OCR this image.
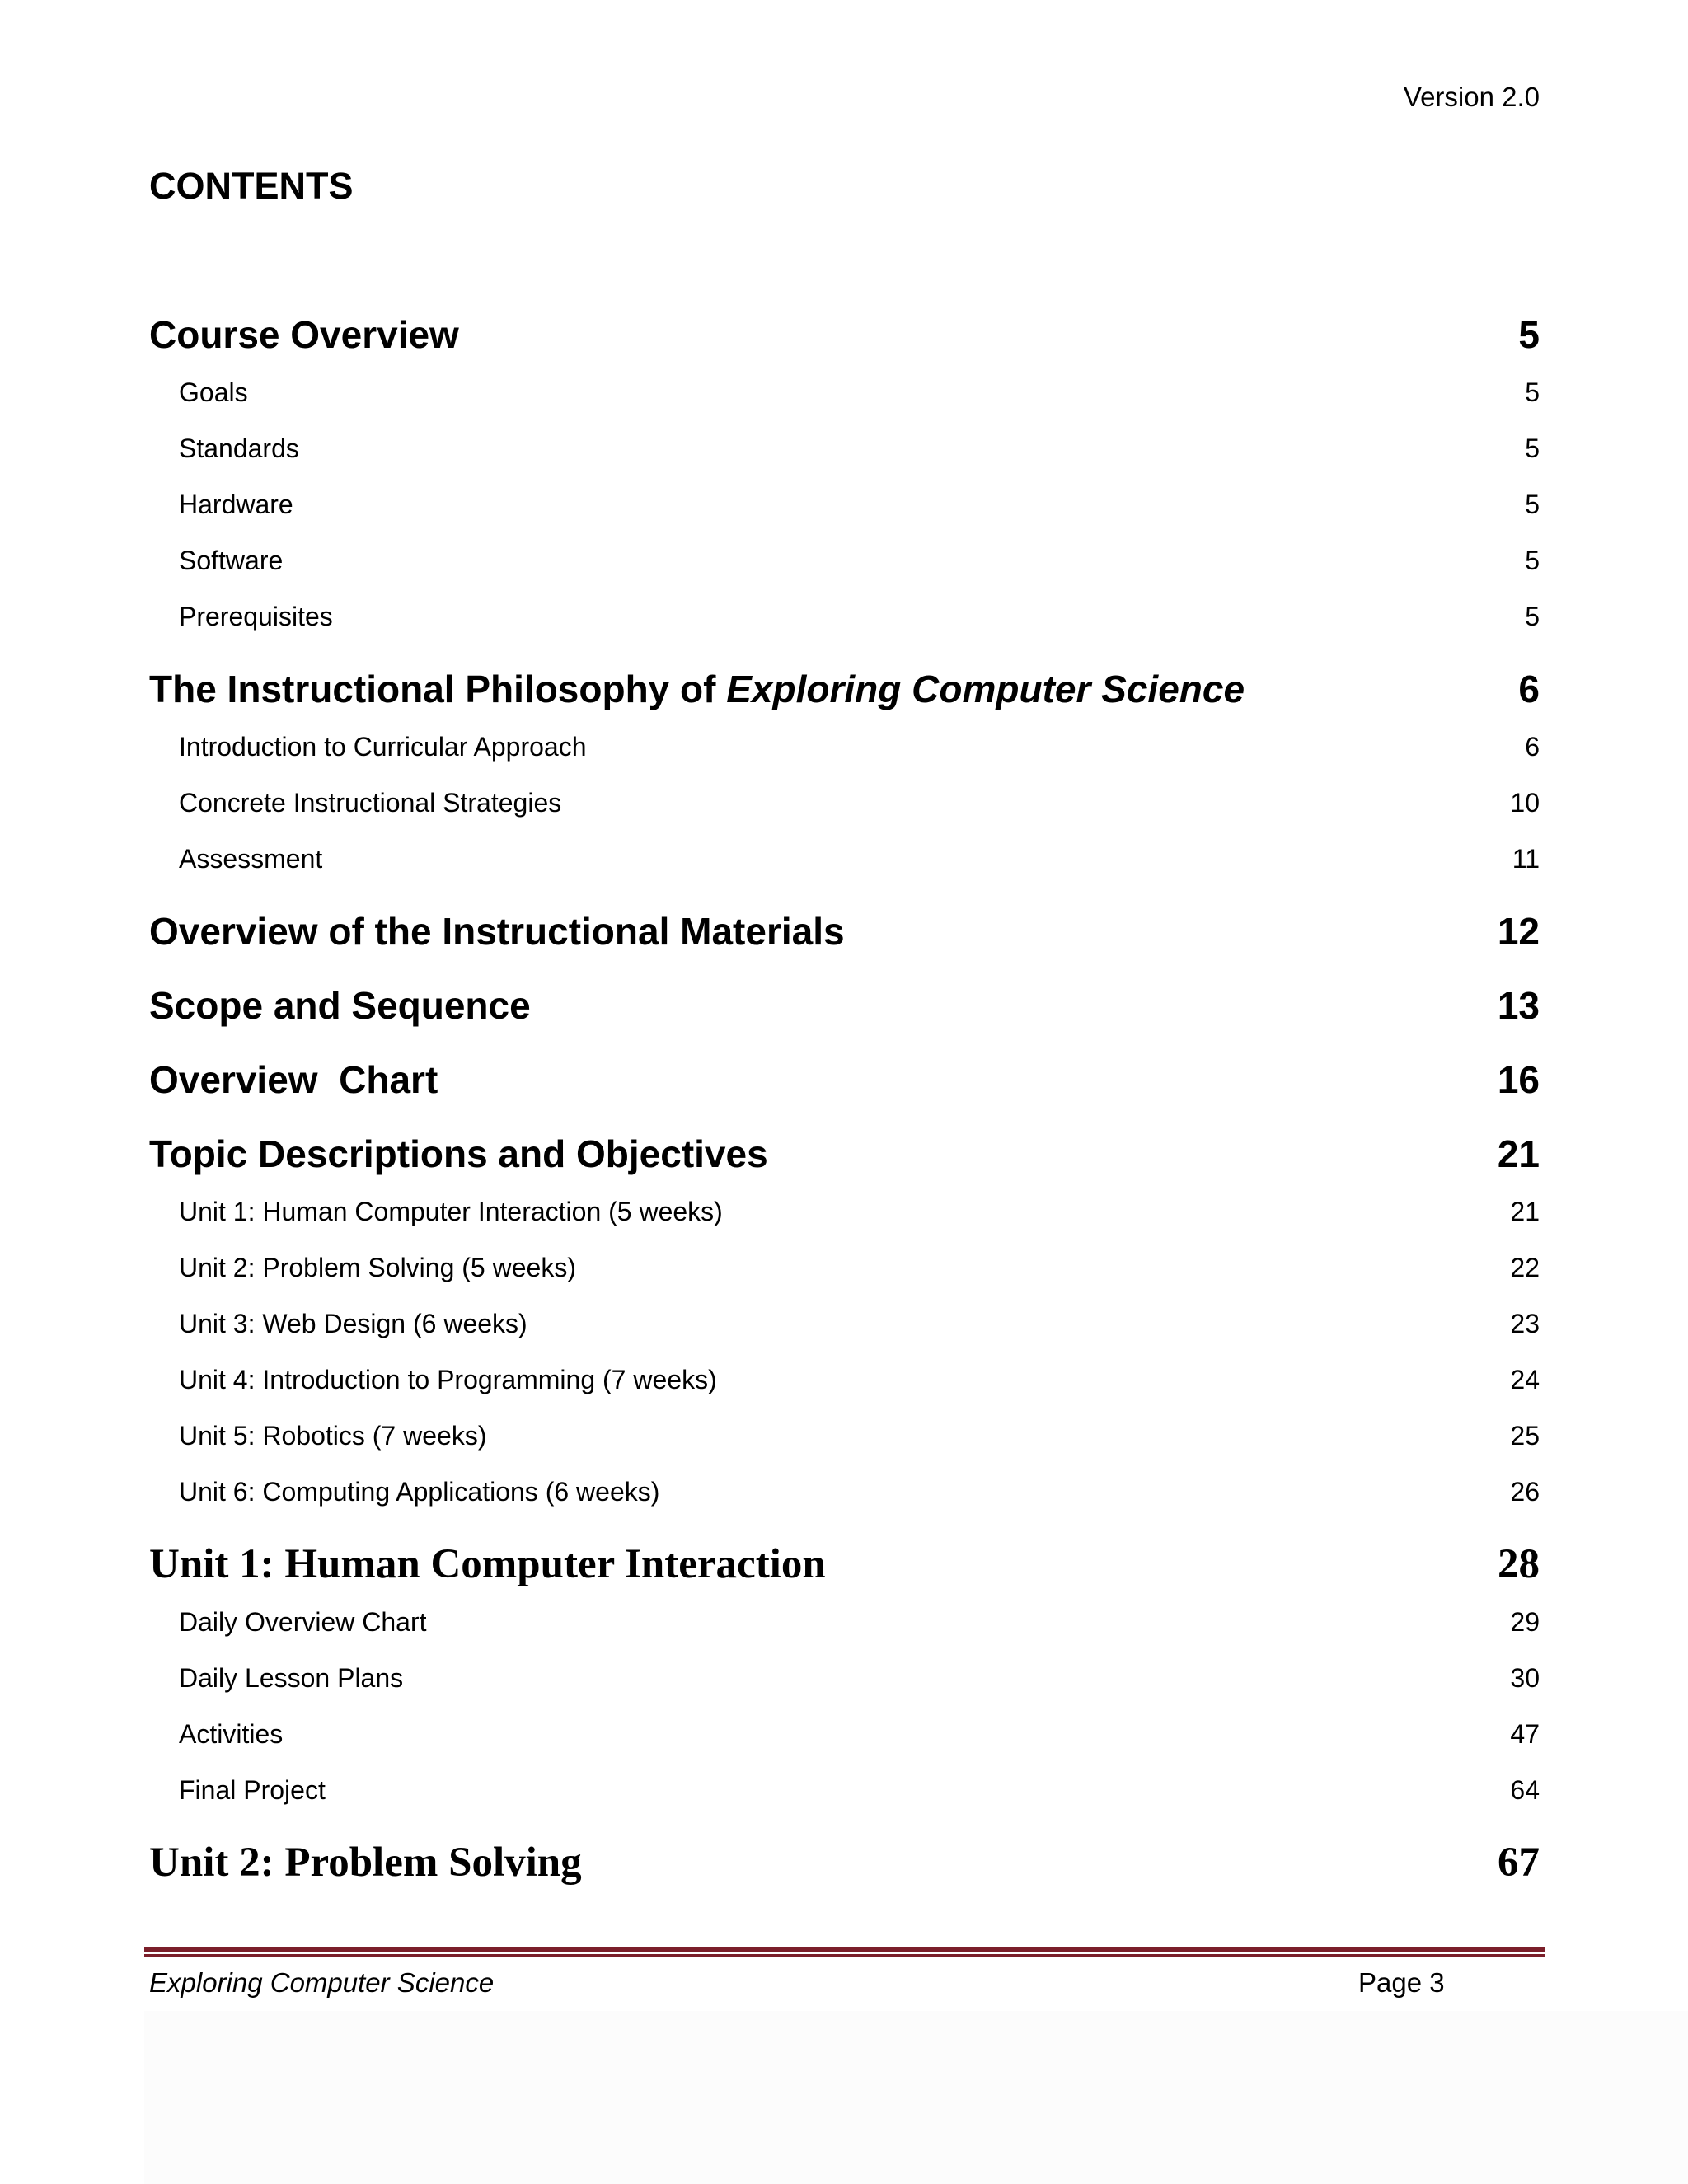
Version 2.0
CONTENTS
Course Overview	5
Goals	5
Standards	5
Hardware	5
Software	5
Prerequisites	5
The Instructional Philosophy of Exploring Computer Science	6
Introduction to Curricular Approach	6
Concrete Instructional Strategies	10
Assessment	11
Overview of the Instructional Materials	12
Scope and Sequence	13
Overview  Chart	16
Topic Descriptions and Objectives	21
Unit 1: Human Computer Interaction (5 weeks)	21
Unit 2: Problem Solving (5 weeks)	22
Unit 3: Web Design (6 weeks)	23
Unit 4: Introduction to Programming (7 weeks)	24
Unit 5: Robotics (7 weeks)	25
Unit 6: Computing Applications (6 weeks)	26
Unit 1: Human Computer Interaction	28
Daily Overview Chart	29
Daily Lesson Plans	30
Activities	47
Final Project	64
Unit 2: Problem Solving	67
Exploring Computer Science	Page 3
